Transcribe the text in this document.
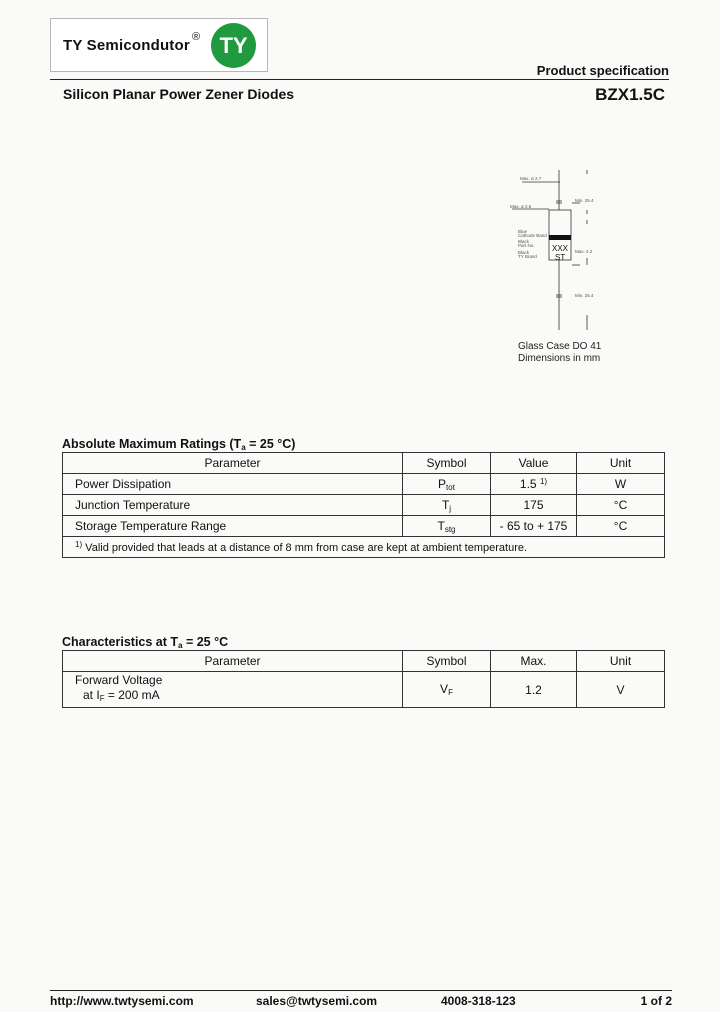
TY Semicondutor ® TY
Product specification
Silicon Planar Power Zener Diodes	BZX1.5C
Max. ø 2.7
Max. ø 2.5
Min. 25.4
Max. 4.2
Min. 25.4
Blue
Cathode Band
Black
Part No.
Black
TY Brand
XXX
ST
Glass Case DO 41
Dimensions in mm
Absolute Maximum Ratings ($T_a = 25$ °C)
Parameter	Symbol	Value	Unit
Power Dissipation	$P_{tot}$	1.5 $^{1)}$	W
Junction Temperature	$T_j$	175	°C
Storage Temperature Range	$T_{stg}$	- 65 to + 175	°C
$^{1)}$ Valid provided that leads at a distance of 8 mm from case are kept at ambient temperature.			
Characteristics at $T_a = 25$ °C
Parameter	Symbol	Max.	Unit

Forward Voltage
at $I_F = 200$ mA	$V_F$	1.2	V
http://www.twtysemi.com	sales@twtysemi.com	4008-318-123	1 of 2
